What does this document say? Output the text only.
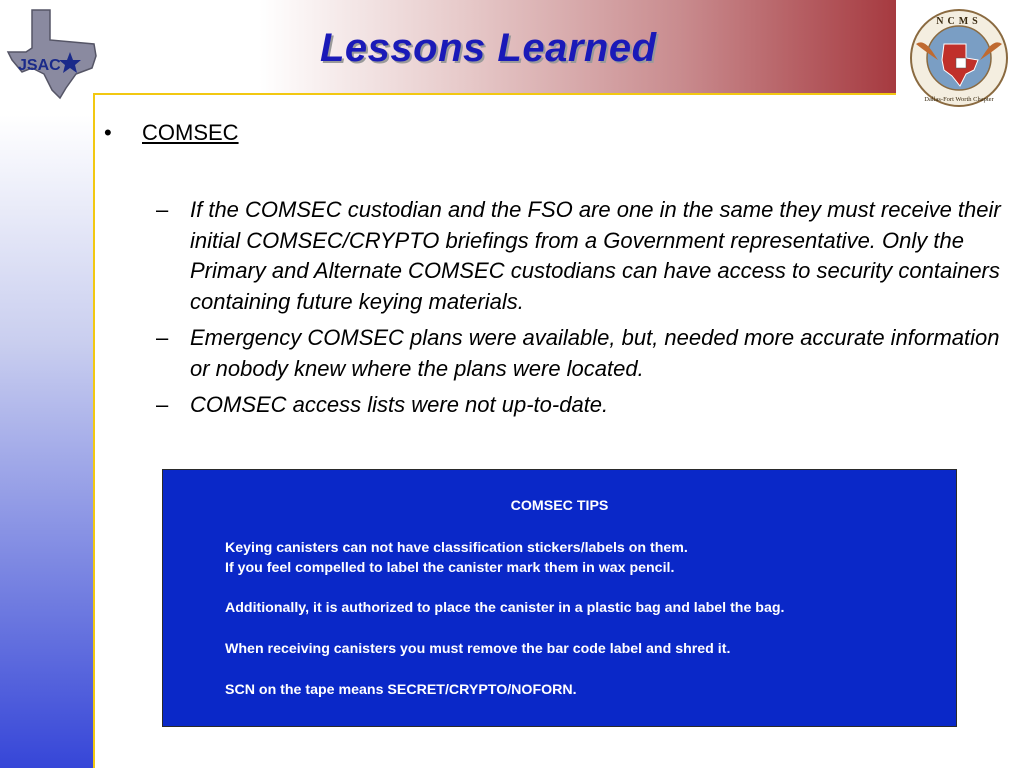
JSAC
NCMS
Dallas-Fort Worth Chapter
Lessons Learned
• COMSEC
– If the COMSEC custodian and the FSO are one in the same they must receive their initial COMSEC/CRYPTO briefings from a Government representative. Only the Primary and Alternate COMSEC custodians can have access to security containers containing future keying materials.
– Emergency COMSEC plans were available, but, needed more accurate information or nobody knew where the plans were located.
– COMSEC access lists were not up-to-date.
COMSEC TIPS
Keying canisters can not have classification stickers/labels on them.
If you feel compelled to label the canister mark them in wax pencil.
Additionally, it is authorized to place the canister in a plastic bag and label the bag.
When receiving canisters you must remove the bar code label and shred it.
SCN on the tape means SECRET/CRYPTO/NOFORN.
